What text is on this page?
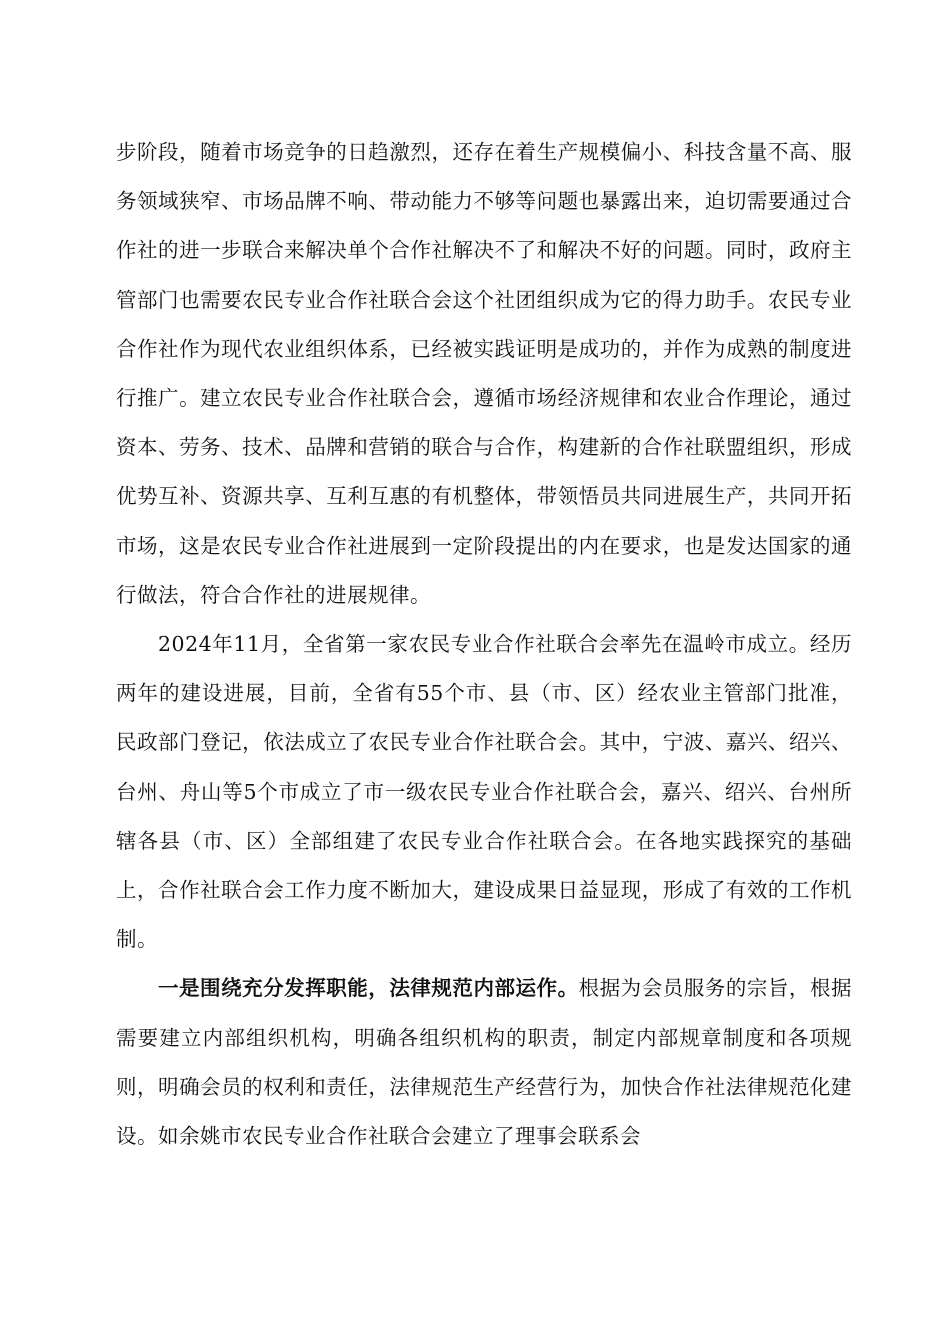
步阶段，随着市场竞争的日趋激烈，还存在着生产规模偏小、科技含量不高、服务领域狭窄、市场品牌不响、带动能力不够等问题也暴露出来，迫切需要通过合作社的进一步联合来解决单个合作社解决不了和解决不好的问题。同时，政府主管部门也需要农民专业合作社联合会这个社团组织成为它的得力助手。农民专业合作社作为现代农业组织体系，已经被实践证明是成功的，并作为成熟的制度进行推广。建立农民专业合作社联合会，遵循市场经济规律和农业合作理论，通过资本、劳务、技术、品牌和营销的联合与合作，构建新的合作社联盟组织，形成优势互补、资源共享、互利互惠的有机整体，带领悟员共同进展生产，共同开拓市场，这是农民专业合作社进展到一定阶段提出的内在要求，也是发达国家的通行做法，符合合作社的进展规律。

2024年11月，全省第一家农民专业合作社联合会率先在温岭市成立。经历两年的建设进展，目前，全省有55个市、县（市、区）经农业主管部门批准，民政部门登记，依法成立了农民专业合作社联合会。其中，宁波、嘉兴、绍兴、台州、舟山等5个市成立了市一级农民专业合作社联合会，嘉兴、绍兴、台州所辖各县（市、区）全部组建了农民专业合作社联合会。在各地实践探究的基础上，合作社联合会工作力度不断加大，建设成果日益显现，形成了有效的工作机制。

一是围绕充分发挥职能，法律规范内部运作。根据为会员服务的宗旨，根据需要建立内部组织机构，明确各组织机构的职责，制定内部规章制度和各项规则，明确会员的权利和责任，法律规范生产经营行为，加快合作社法律规范化建设。如余姚市农民专业合作社联合会建立了理事会联系会
